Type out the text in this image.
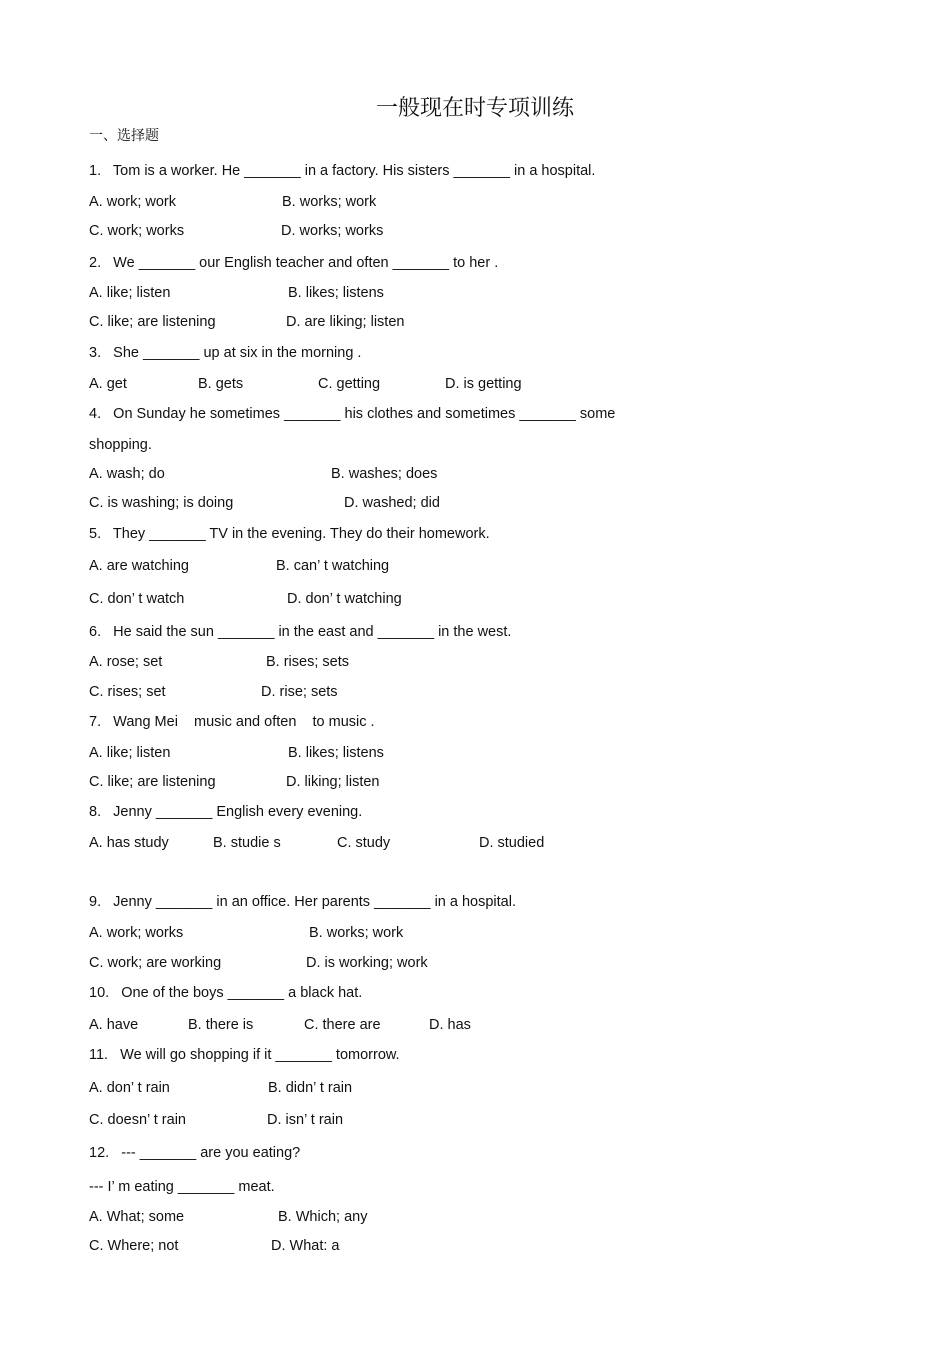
一般现在时专项训练
一、选择题
1.   Tom is a worker. He _______ in a factory. His sisters _______ in a hospital.
A. work; work	B. works; work
C. work; works	D. works; works
2.   We _______ our English teacher and often _______ to her .
A. like; listen	B. likes; listens
C. like; are listening	D. are liking; listen
3.   She _______ up at six in the morning .
A. get	B. gets	C. getting	D. is getting
4.   On Sunday he sometimes _______ his clothes and sometimes _______ some
shopping.
A. wash; do	B. washes; does
C. is washing; is doing	D. washed; did
5.   They _______ TV in the evening. They do their homework.
A. are watching	B. can’ t watching
C. don’ t watch	D. don’ t watching
6.   He said the sun _______ in the east and _______ in the west.
A. rose; set	B. rises; sets
C. rises; set	D. rise; sets
7.   Wang Mei    music and often    to music .
A. like; listen	B. likes; listens
C. like; are listening	D. liking; listen
8.   Jenny _______ English every evening.
A. has study	B. studie s	C. study	D. studied
9.   Jenny _______ in an office. Her parents _______ in a hospital.
A. work; works	B. works; work
C. work; are working	D. is working; work
10.   One of the boys _______ a black hat.
A. have	B. there is	C. there are	D. has
11.   We will go shopping if it _______ tomorrow.
A. don’ t rain	B. didn’ t rain
C. doesn’ t rain	D. isn’ t rain
12.   --- _______ are you eating?
--- I’ m eating _______ meat.
A. What; some	B. Which; any
C. Where; not	D. What: a
